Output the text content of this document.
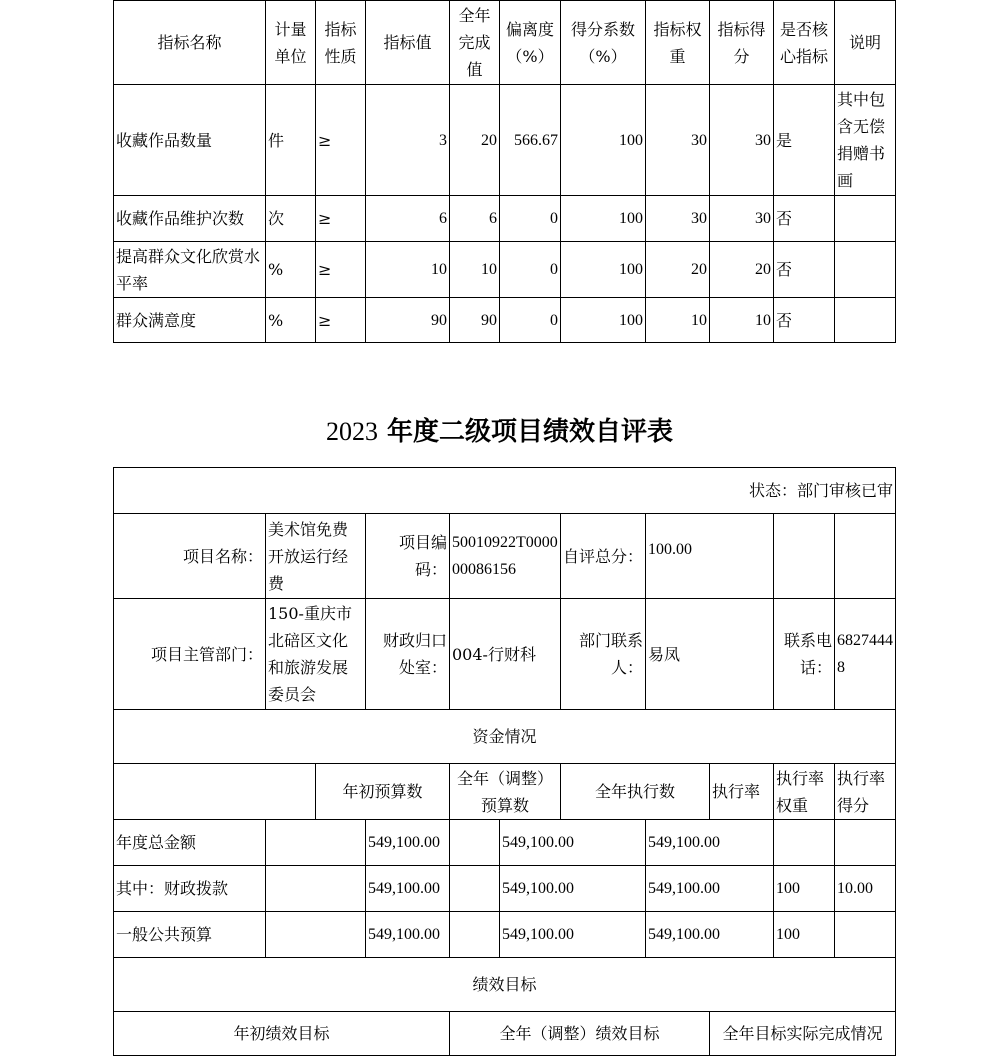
指标名称	计量单位	指标性质	指标值	全年完成值	偏离度（%）	得分系数（%）	指标权重	指标得分	是否核心指标	说明
收藏作品数量	件	≥	3	20	566.67	100	30	30	是	其中包含无偿捐赠书画
收藏作品维护次数	次	≥	6	6	0	100	30	30	否	
提高群众文化欣赏水平率	%	≥	10	10	0	100	20	20	否	
群众满意度	%	≥	90	90	0	100	10	10	否	
2023 年度二级项目绩效自评表
状态：部门审核已审											
项目名称：	美术馆免费开放运行经费		项目编码：	50010922T000000086156		自评总分：	100.00				
项目主管部门：	150-重庆市北碚区文化和旅游发展委员会		财政归口处室：	004-行财科		部门联系人：	易凤		联系电话：	68274448	
资金情况											
		年初预算数		全年（调整）预算数		全年执行数		执行率	执行率权重	执行率得分	
年度总金额			549,100.00		549,100.00		549,100.00				
其中：财政拨款			549,100.00		549,100.00		549,100.00		100	10.00	
一般公共预算			549,100.00		549,100.00		549,100.00		100		
绩效目标											
年初绩效目标				全年（调整）绩效目标				全年目标实际完成情况			
